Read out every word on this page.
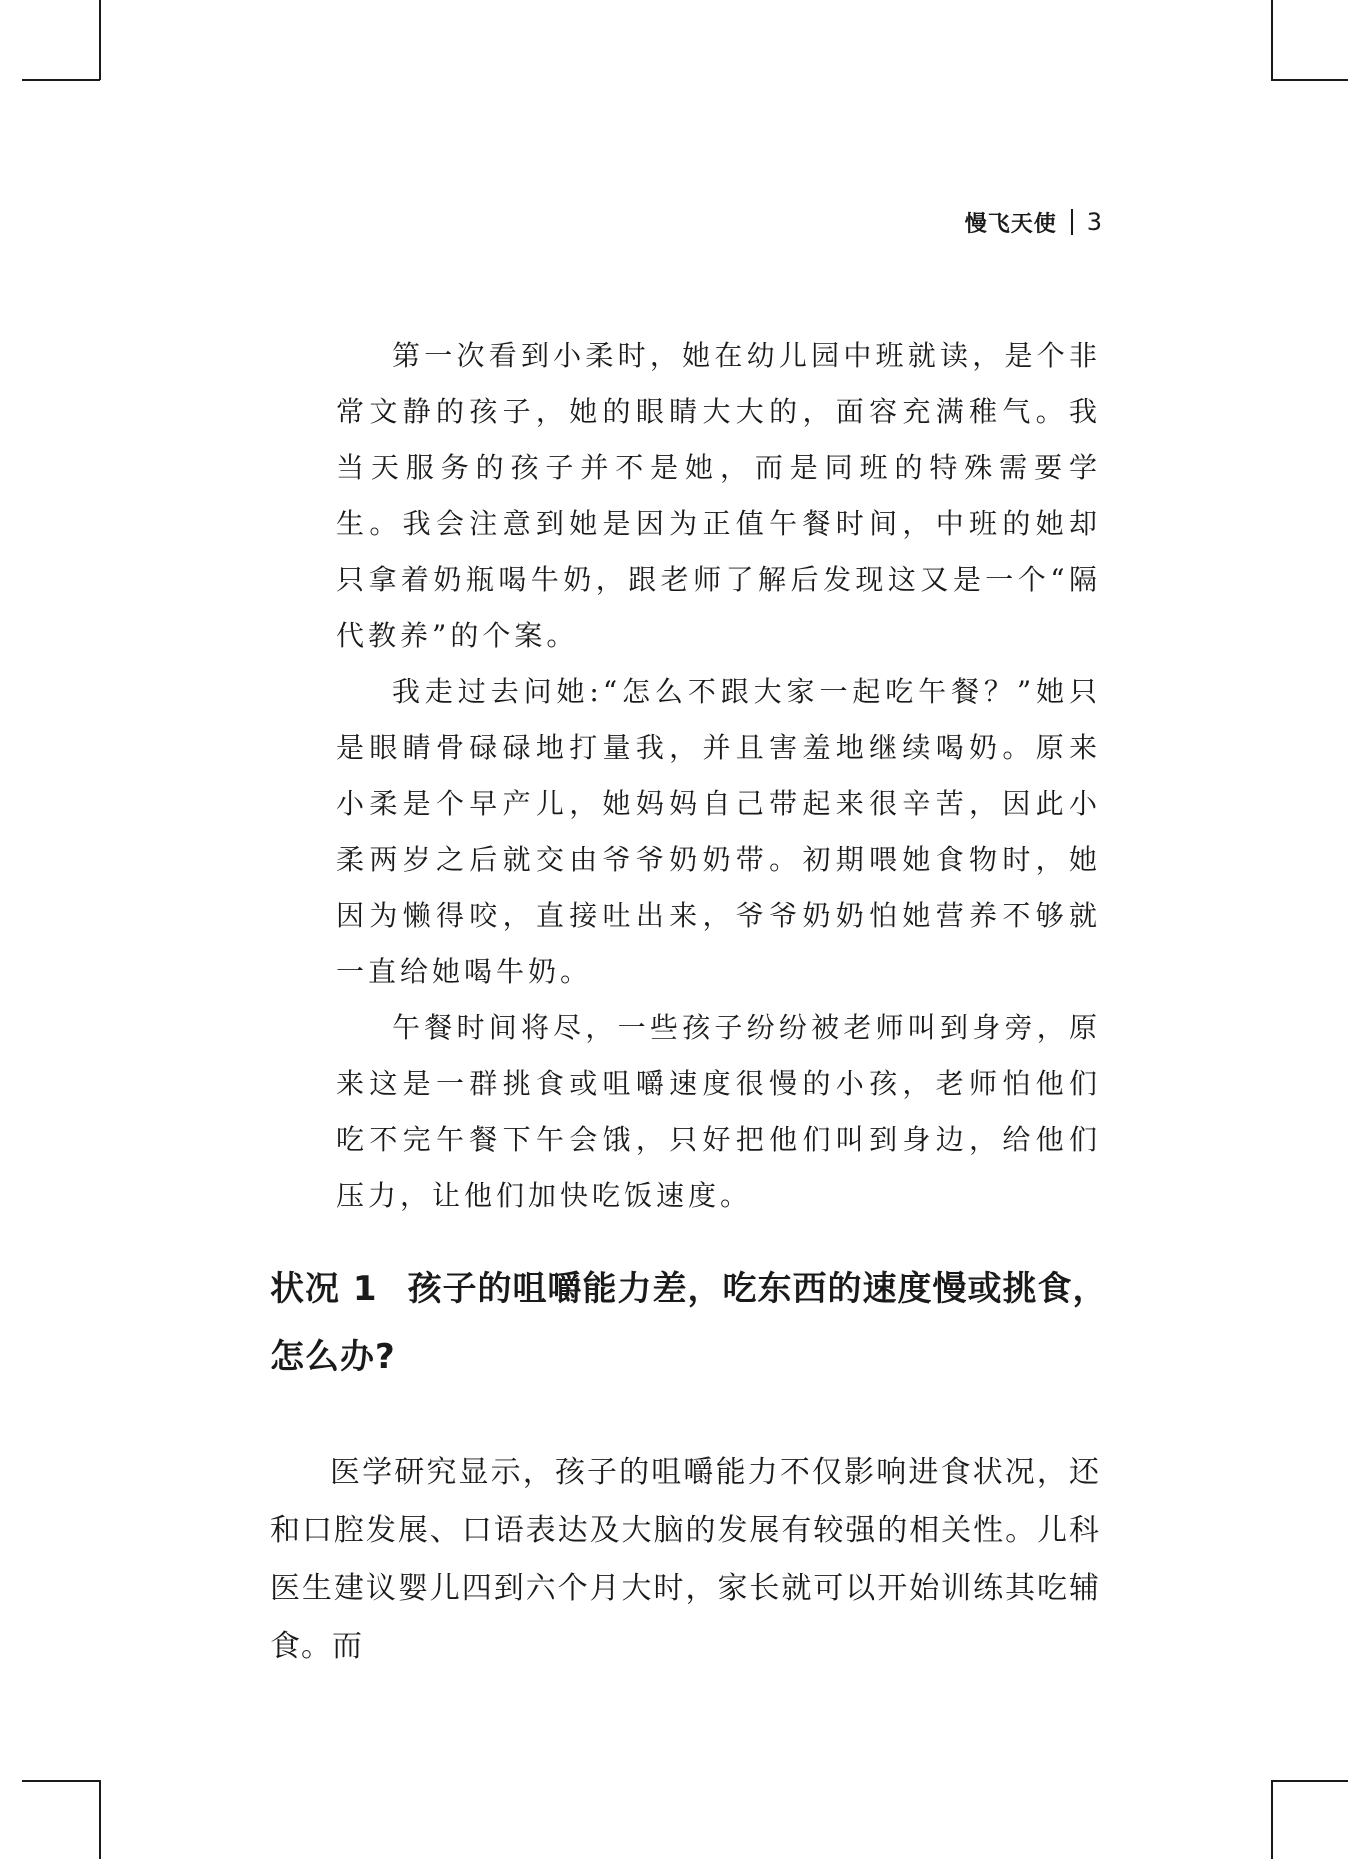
慢飞天使 3

第一次看到小柔时，她在幼儿园中班就读，是个非常文静的孩子，她的眼睛大大的，面容充满稚气。我当天服务的孩子并不是她，而是同班的特殊需要学生。我会注意到她是因为正值午餐时间，中班的她却只拿着奶瓶喝牛奶，跟老师了解后发现这又是一个“隔代教养”的个案。

我走过去问她:“怎么不跟大家一起吃午餐？”她只是眼睛骨碌碌地打量我，并且害羞地继续喝奶。原来小柔是个早产儿，她妈妈自己带起来很辛苦，因此小柔两岁之后就交由爷爷奶奶带。初期喂她食物时，她因为懒得咬，直接吐出来，爷爷奶奶怕她营养不够就一直给她喝牛奶。

午餐时间将尽，一些孩子纷纷被老师叫到身旁，原来这是一群挑食或咀嚼速度很慢的小孩，老师怕他们吃不完午餐下午会饿，只好把他们叫到身边，给他们压力，让他们加快吃饭速度。

状况 1 孩子的咀嚼能力差，吃东西的速度慢或挑食，怎么办?

医学研究显示，孩子的咀嚼能力不仅影响进食状况，还和口腔发展、口语表达及大脑的发展有较强的相关性。儿科医生建议婴儿四到六个月大时，家长就可以开始训练其吃辅食。而
